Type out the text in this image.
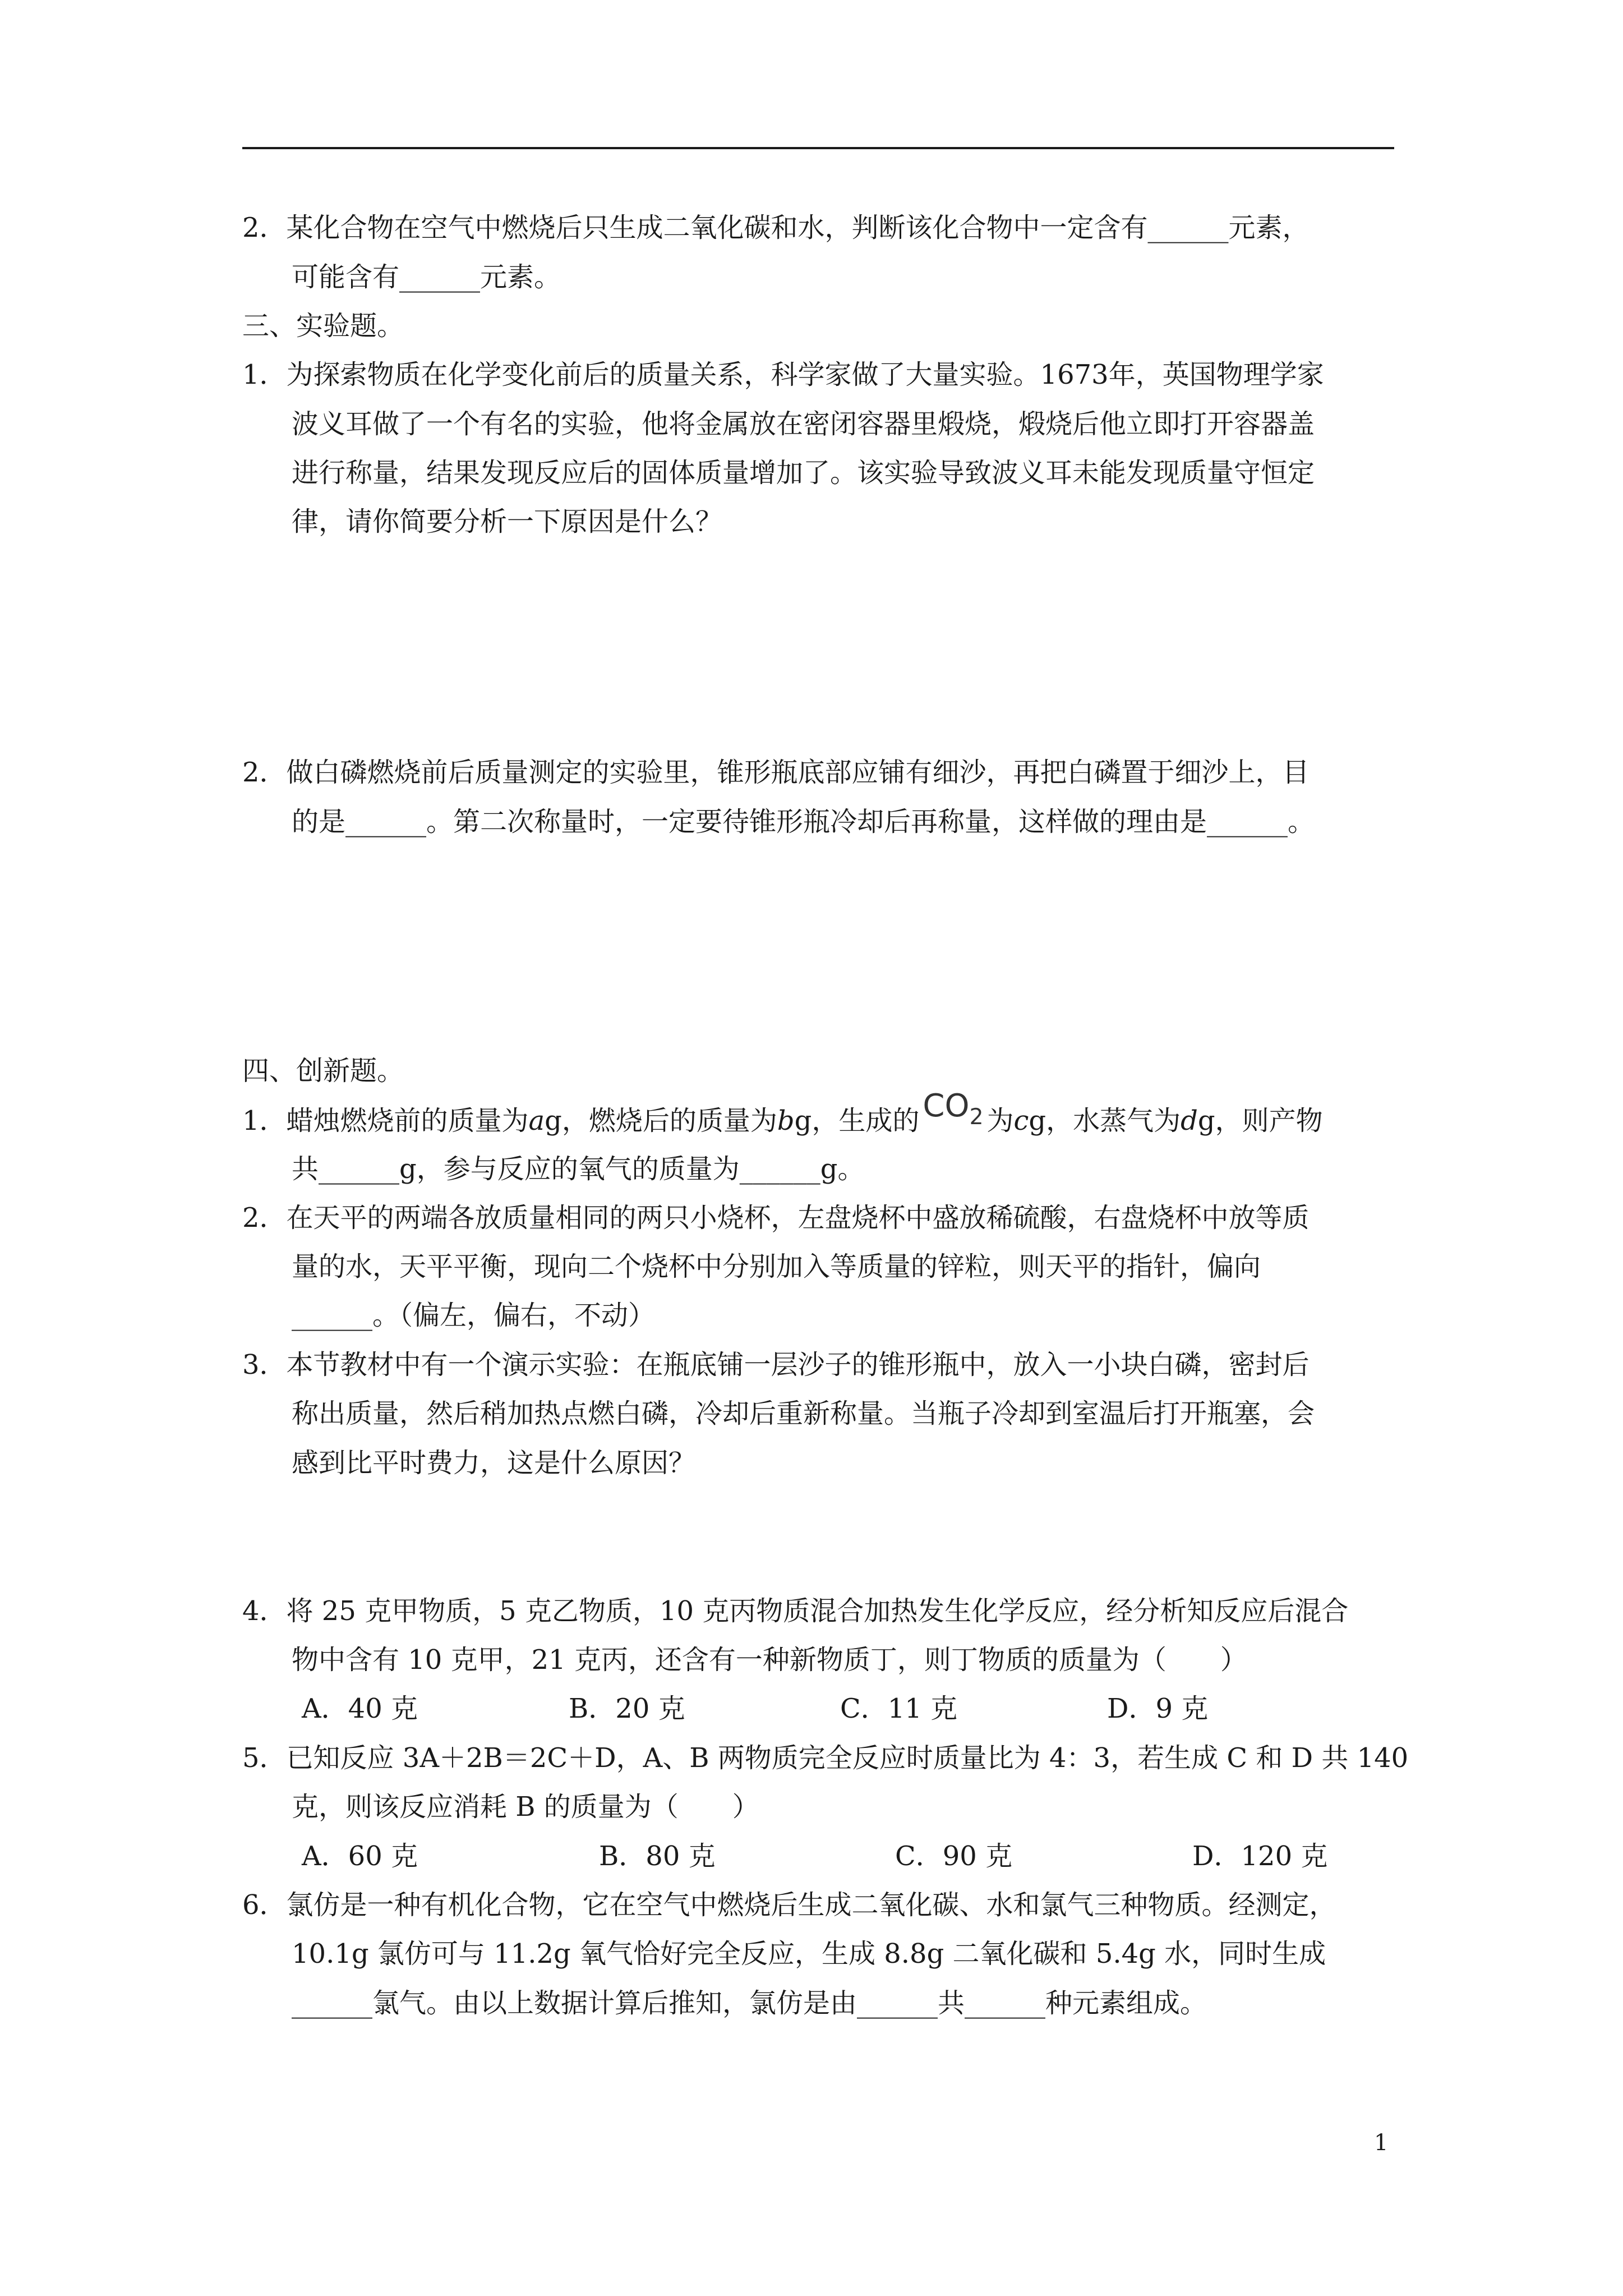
2．某化合物在空气中燃烧后只生成二氧化碳和水，判断该化合物中一定含有______元素，
可能含有______元素。
三、实验题。
1．为探索物质在化学变化前后的质量关系，科学家做了大量实验。1673年，英国物理学家
波义耳做了一个有名的实验，他将金属放在密闭容器里煅烧，煅烧后他立即打开容器盖
进行称量，结果发现反应后的固体质量增加了。该实验导致波义耳未能发现质量守恒定
律，请你简要分析一下原因是什么？
2．做白磷燃烧前后质量测定的实验里，锥形瓶底部应铺有细沙，再把白磷置于细沙上，目
的是______。第二次称量时，一定要待锥形瓶冷却后再称量，这样做的理由是______。
四、创新题。
1．蜡烛燃烧前的质量为ag，燃烧后的质量为bg，生成的 $CO_2$ 为cg，水蒸气为dg，则产物
共______g，参与反应的氧气的质量为______g。
2．在天平的两端各放质量相同的两只小烧杯，左盘烧杯中盛放稀硫酸，右盘烧杯中放等质
量的水，天平平衡，现向二个烧杯中分别加入等质量的锌粒，则天平的指针，偏向
______。（偏左，偏右，不动）
3．本节教材中有一个演示实验：在瓶底铺一层沙子的锥形瓶中，放入一小块白磷，密封后
称出质量，然后稍加热点燃白磷，冷却后重新称量。当瓶子冷却到室温后打开瓶塞，会
感到比平时费力，这是什么原因？
4．将 25 克甲物质，5 克乙物质，10 克丙物质混合加热发生化学反应，经分析知反应后混合
物中含有 10 克甲，21 克丙，还含有一种新物质丁，则丁物质的质量为（　　）
A．40 克	B．20 克	C．11 克	D．9 克
5．已知反应 3A＋2B＝2C＋D，A、B 两物质完全反应时质量比为 4：3，若生成 C 和 D 共 140
克，则该反应消耗 B 的质量为（　　）
A．60 克	B．80 克	C．90 克	D．120 克
6．氯仿是一种有机化合物，它在空气中燃烧后生成二氧化碳、水和氯气三种物质。经测定，
10.1g 氯仿可与 11.2g 氧气恰好完全反应，生成 8.8g 二氧化碳和 5.4g 水，同时生成
______氯气。由以上数据计算后推知，氯仿是由______共______种元素组成。
1
